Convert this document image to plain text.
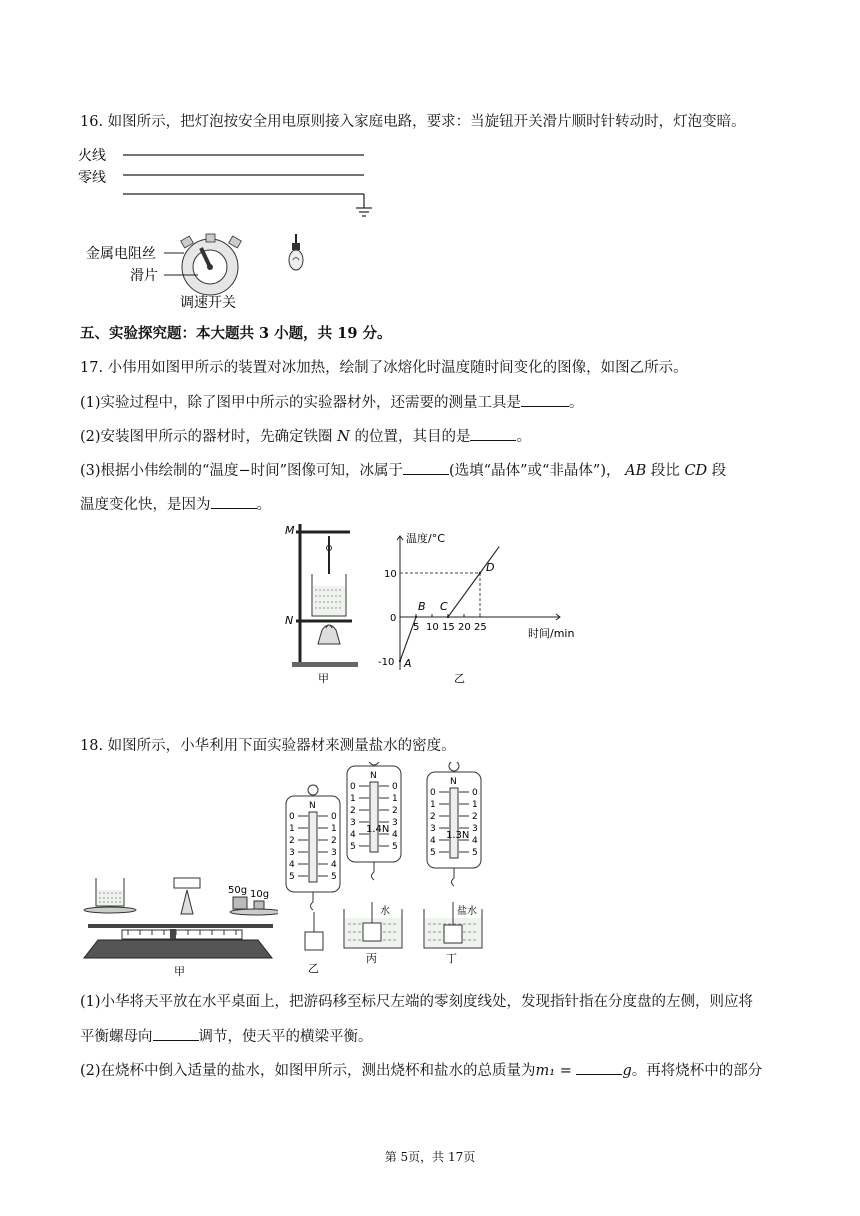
16. 如图所示，把灯泡按安全用电原则接入家庭电路，要求：当旋钮开关滑片顺时针转动时，灯泡变暗。
火线
零线
金属电阻丝
滑片
调速开关
五、实验探究题：本大题共 3 小题，共 19 分。
17. 小伟用如图甲所示的装置对冰加热，绘制了冰熔化时温度随时间变化的图像，如图乙所示。
(1)实验过程中，除了图甲中所示的实验器材外，还需要的测量工具是	。
(2)安装图甲所示的器材时，先确定铁圈 N 的位置，其目的是	。
(3)根据小伟绘制的“温度−时间”图像可知，冰属于	(选填“晶体”或“非晶体”)， AB 段比 CD 段
温度变化快，是因为	。
M
N
甲
温度/°C
时间/min
乙
5 10 15 20 25
10
0
-10 A
B C
D
18. 如图所示，小华利用下面实验器材来测量盐水的密度。
50g 10g
甲
N
0	0
1	1
2	2
3	3
4	4
5	5
N
0	0
1	1
2	2
3	3
4	4
5	5
N
0	0
1	1
2	2
3	3
4	4
5	5
1.4N
1.3N
水
丙
盐水
丁
乙
(1)小华将天平放在水平桌面上，把游码移至标尺左端的零刻度线处，发现指针指在分度盘的左侧，则应将
平衡螺母向	调节，使天平的横梁平衡。
(2)在烧杯中倒入适量的盐水，如图甲所示，测出烧杯和盐水的总质量为m₁ =	g。再将烧杯中的部分
第 5页，共 17页
